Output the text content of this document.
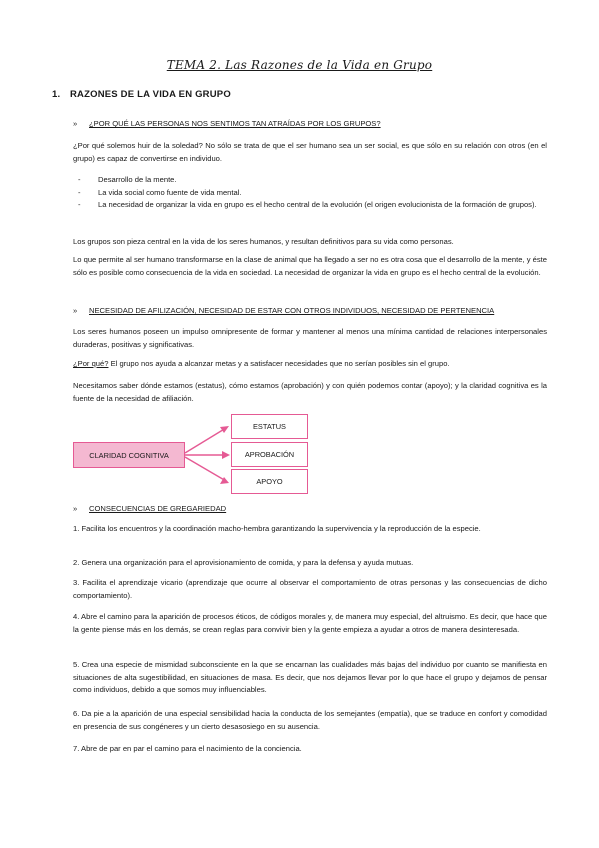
TEMA 2. Las Razones de la Vida en Grupo
1. RAZONES DE LA VIDA EN GRUPO
» ¿POR QUÉ LAS PERSONAS NOS SENTIMOS TAN ATRAÍDAS POR LOS GRUPOS?
¿Por qué solemos huir de la soledad? No sólo se trata de que el ser humano sea un ser social, es que sólo en su relación con otros (en el grupo) es capaz de convertirse en individuo.
- Desarrollo de la mente.
- La vida social como fuente de vida mental.
- La necesidad de organizar la vida en grupo es el hecho central de la evolución (el origen evolucionista de la formación de grupos).
Los grupos son pieza central en la vida de los seres humanos, y resultan definitivos para su vida como personas.
Lo que permite al ser humano transformarse en la clase de animal que ha llegado a ser no es otra cosa que el desarrollo de la mente, y éste sólo es posible como consecuencia de la vida en sociedad. La necesidad de organizar la vida en grupo es el hecho central de la evolución.
» NECESIDAD DE AFILIZACIÓN, NECESIDAD DE ESTAR CON OTROS INDIVIDUOS, NECESIDAD DE PERTENENCIA
Los seres humanos poseen un impulso omnipresente de formar y mantener al menos una mínima cantidad de relaciones interpersonales duraderas, positivas y significativas.
¿Por qué? El grupo nos ayuda a alcanzar metas y a satisfacer necesidades que no serían posibles sin el grupo.
Necesitamos saber dónde estamos (estatus), cómo estamos (aprobación) y con quién podemos contar (apoyo); y la claridad cognitiva es la fuente de la necesidad de afiliación.
CLARIDAD COGNITIVA
ESTATUS
APROBACIÓN
APOYO
» CONSECUENCIAS DE GREGARIEDAD
1. Facilita los encuentros y la coordinación macho-hembra garantizando la supervivencia y la reproducción de la especie.
2. Genera una organización para el aprovisionamiento de comida, y para la defensa y ayuda mutuas.
3. Facilita el aprendizaje vicario (aprendizaje que ocurre al observar el comportamiento de otras personas y las consecuencias de dicho comportamiento).
4. Abre el camino para la aparición de procesos éticos, de códigos morales y, de manera muy especial, del altruismo. Es decir, que hace que la gente piense más en los demás, se crean reglas para convivir bien y la gente empieza a ayudar a otros de manera desinteresada.
5. Crea una especie de mismidad subconsciente en la que se encarnan las cualidades más bajas del individuo por cuanto se manifiesta en situaciones de alta sugestibilidad, en situaciones de masa. Es decir, que nos dejamos llevar por lo que hace el grupo y dejamos de pensar como individuos, debido a que somos muy influenciables.
6. Da pie a la aparición de una especial sensibilidad hacia la conducta de los semejantes (empatía), que se traduce en confort y comodidad en presencia de sus congéneres y un cierto desasosiego en su ausencia.
7. Abre de par en par el camino para el nacimiento de la conciencia.
